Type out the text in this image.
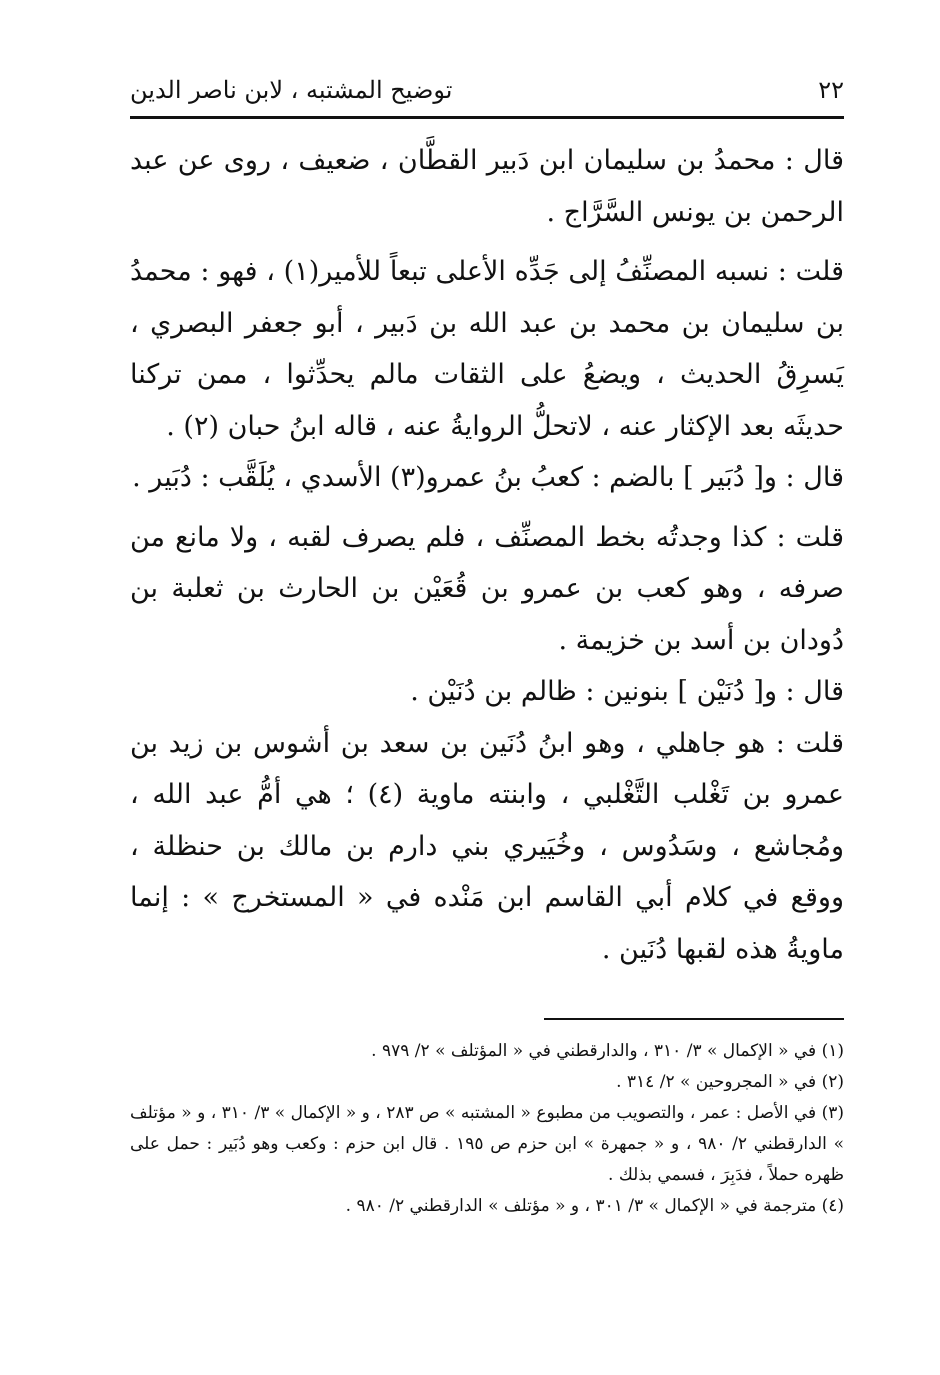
٢٢
توضيح المشتبه ، لابن ناصر الدين

قال : محمدُ بن سليمان ابن دَبير القطَّان ، ضعيف ، روى عن عبد الرحمن بن يونس السَّرَّاج .

قلت : نسبه المصنِّفُ إلى جَدِّه الأعلى تبعاً للأمير(١) ، فهو : محمدُ بن سليمان بن محمد بن عبد الله بن دَبير ، أبو جعفر البصري ، يَسرِقُ الحديث ، ويضعُ على الثقات مالم يحدِّثوا ، ممن تركنا حديثَه بعد الإكثار عنه ، لاتحلُّ الروايةُ عنه ، قاله ابنُ حبان (٢) .

قال : و[ دُبَير ] بالضم : كعبُ بنُ عمرو(٣) الأسدي ، يُلَقَّب : دُبَير .

قلت : كذا وجدتُه بخط المصنِّف ، فلم يصرف لقبه ، ولا مانع من صرفه ، وهو كعب بن عمرو بن قُعَيْن بن الحارث بن ثعلبة بن دُودان بن أسد بن خزيمة .

قال : و[ دُنَيْن ] بنونين : ظالم بن دُنَيْن .

قلت : هو جاهلي ، وهو ابنُ دُنَين بن سعد بن أشوس بن زيد بن عمرو بن تَغْلب التَّغْلبي ، وابنته ماوية (٤) ؛ هي أمُّ عبد الله ، ومُجاشع ، وسَدُوس ، وخُيَيري بني دارم بن مالك بن حنظلة ، ووقع في كلام أبي القاسم ابن مَنْده في « المستخرج » : إنما ماويةُ هذه لقبها دُنَين .

(١) في « الإكمال » ٣/ ٣١٠ ، والدارقطني في « المؤتلف » ٢/ ٩٧٩ .

(٢) في « المجروحين » ٢/ ٣١٤ .

(٣) في الأصل : عمر ، والتصويب من مطبوع « المشتبه » ص ٢٨٣ ، و « الإكمال » ٣/ ٣١٠ ، و « مؤتلف » الدارقطني ٢/ ٩٨٠ ، و « جمهرة » ابن حزم ص ١٩٥ . قال ابن حزم : وكعب وهو دُبَير : حمل على ظهره حملاً ، فدَبِرَ ، فسمي بذلك .

(٤) مترجمة في « الإكمال » ٣/ ٣٠١ ، و « مؤتلف » الدارقطني ٢/ ٩٨٠ .
